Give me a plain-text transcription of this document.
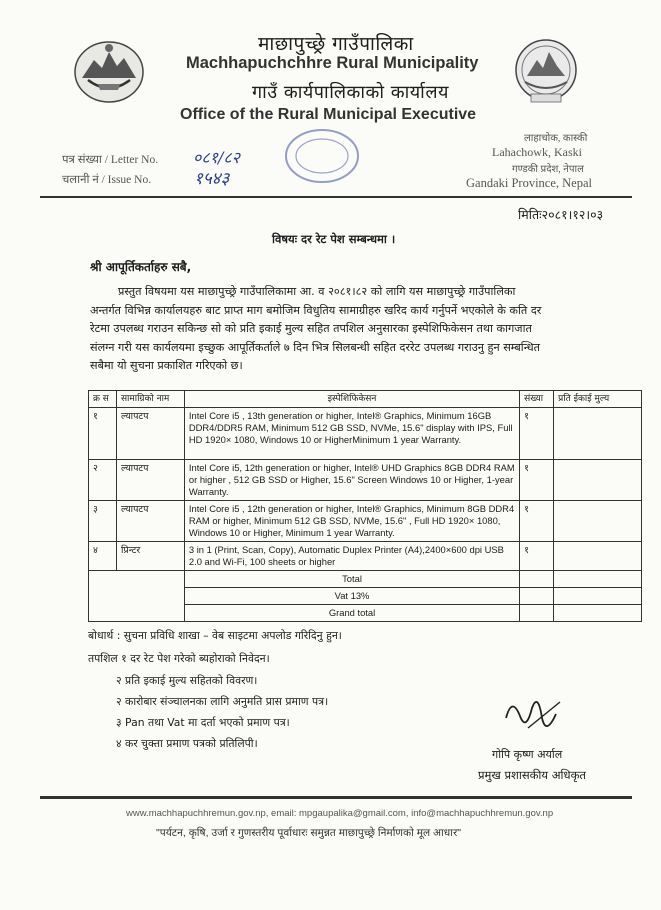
माछापुच्छ्रे गाउँपालिका
Machhapuchchhre Rural Municipality
गाउँ कार्यपालिकाको कार्यालय
Office of the Rural Municipal Executive
पत्र संख्या / Letter No. ०८१/८२
चलानी नं / Issue No.	१५४३
लाहाचोक, कास्की
Lahachowk, Kaski
गण्डकी प्रदेश, नेपाल
Gandaki Province, Nepal
मितिः२०८१।१२।०३
विषयः दर रेट पेश सम्बन्धमा ।
श्री आपूर्तिकर्ताहरु सबै,
प्रस्तुत विषयमा यस माछापुच्छ्रे गाउँपालिकामा आ. व २०८१।८२ को लागि यस माछापुच्छ्रे गाउँपालिका
अन्तर्गत विभिन्न कार्यालयहरु बाट प्राप्त माग बमोजिम विधुतिय सामाग्रीहरु खरिद कार्य गर्नुपर्ने भएकोले के कति दर
रेटमा उपलब्ध गराउन सकिन्छ सो को प्रति इकाई मुल्य सहित तपशिल अनुसारका इस्पेशिफिकेसन तथा कागजात
संलग्न गरी यस कार्यलयमा इच्छुक आपूर्तिकर्ताले ७ दिन भित्र सिलबन्धी सहित दररेट उपलब्ध गराउनु हुन सम्बन्धित
सबैमा यो सुचना प्रकाशित गरिएको छ।
क्र स	सामाग्रिको नाम	इस्पेशिफिकेसन	संख्या	प्रति ईकाई मुल्य
१	ल्यापटप	Intel Core i5 , 13th generation or higher, Intel® Graphics, Minimum 16GB DDR4/DDR5 RAM, Minimum 512 GB SSD, NVMe, 15.6" display with IPS, Full HD 1920× 1080, Windows 10 or HigherMinimum 1 year Warranty.	१	
२	ल्यापटप	Intel Core i5, 12th generation or higher, Intel® UHD Graphics 8GB DDR4 RAM or higher , 512 GB SSD or Higher, 15.6" Screen Windows 10 or Higher, 1-year Warranty.	१	
३	ल्यापटप	Intel Core i5 , 12th generation or higher, Intel® Graphics, Minimum 8GB DDR4 RAM or higher, Minimum 512 GB SSD, NVMe, 15.6" , Full HD 1920× 1080, Windows 10 or Higher, Minimum 1 year Warranty.	१	
४	प्रिन्टर	3 in 1 (Print, Scan, Copy), Automatic Duplex Printer (A4),2400×600 dpi USB 2.0 and Wi-Fi, 100 sheets or higher	१	
		Total		
		Vat 13%		
		Grand total		
बोधार्थ : सुचना प्रविधि शाखा – वेब साइटमा अपलोड गरिदिनु हुन।
तपशिल १ दर रेट पेश गरेको ब्यहोराको निवेदन।
२ प्रति इकाई मुल्य सहितको विवरण।
२ कारोबार संञ्चालनका लागि अनुमति प्रास प्रमाण पत्र।
३ Pan तथा Vat मा दर्ता भएको प्रमाण पत्र।
४ कर चुक्ता प्रमाण पत्रको प्रतिलिपी।
गोपि कृष्ण अर्याल
प्रमुख प्रशासकीय अधिकृत
www.machhapuchhremun.gov.np, email: mpgaupalika@gmail.com, info@machhapuchhremun.gov.np
"पर्यटन, कृषि, उर्जा र गुणस्तरीय पूर्वाधारः समुन्नत माछापुच्छ्रे निर्माणको मूल आधार"
